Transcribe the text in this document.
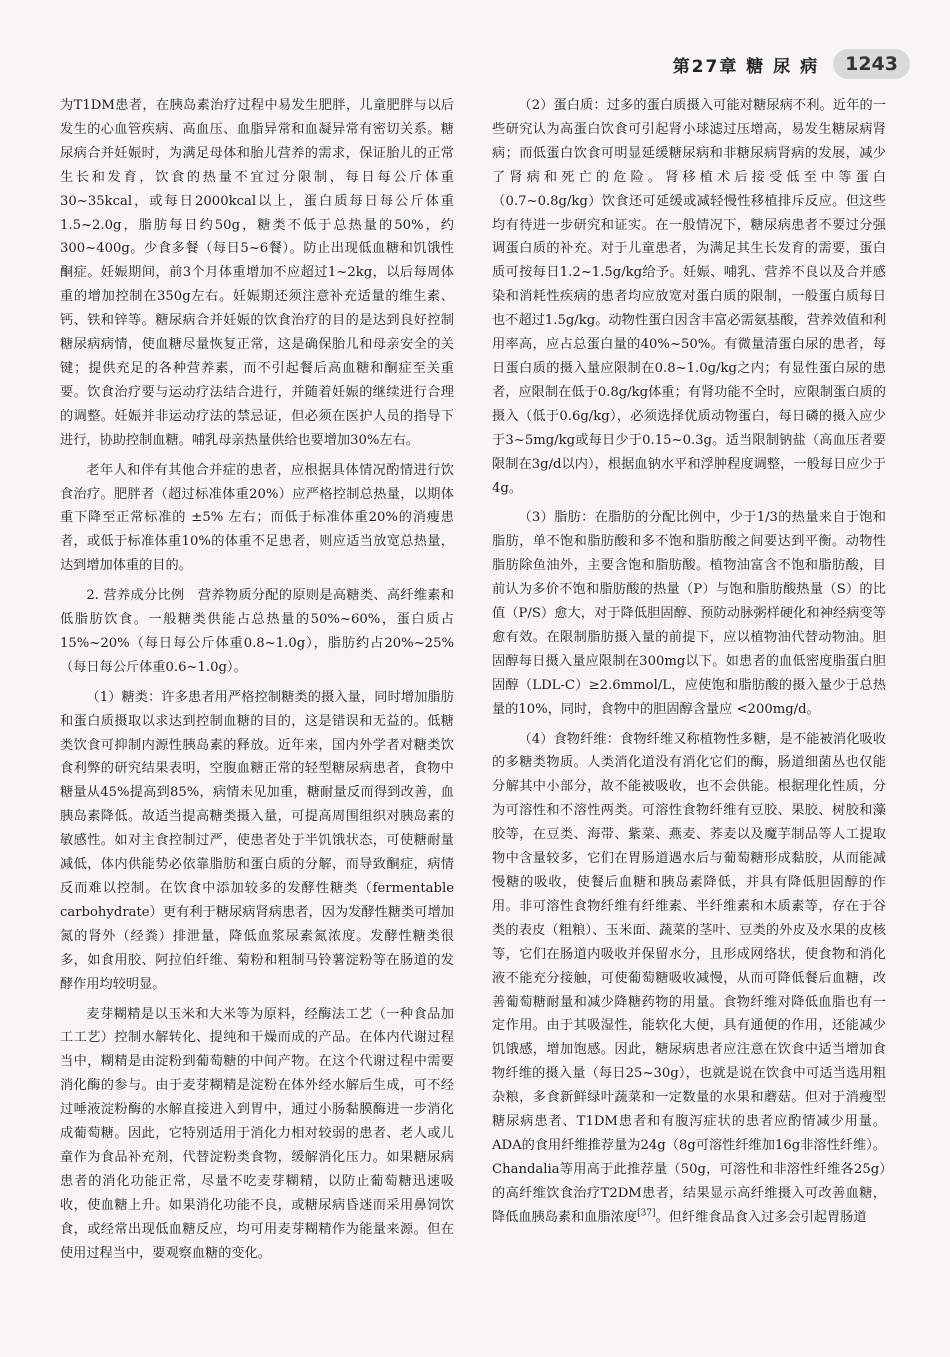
第27章 糖 尿 病	1243

为T1DM患者，在胰岛素治疗过程中易发生肥胖，儿童肥胖与以后发生的心血管疾病、高血压、血脂异常和血凝异常有密切关系。糖尿病合并妊娠时，为满足母体和胎儿营养的需求，保证胎儿的正常生长和发育，饮食的热量不宜过分限制，每日每公斤体重30~35kcal，或每日2000kcal以上，蛋白质每日每公斤体重1.5~2.0g，脂肪每日约50g，糖类不低于总热量的50%，约300~400g。少食多餐（每日5~6餐）。防止出现低血糖和饥饿性酮症。妊娠期间，前3个月体重增加不应超过1~2kg，以后每周体重的增加控制在350g左右。妊娠期还须注意补充适量的维生素、钙、铁和锌等。糖尿病合并妊娠的饮食治疗的目的是达到良好控制糖尿病病情，使血糖尽量恢复正常，这是确保胎儿和母亲安全的关键；提供充足的各种营养素，而不引起餐后高血糖和酮症至关重要。饮食治疗要与运动疗法结合进行，并随着妊娠的继续进行合理的调整。妊娠并非运动疗法的禁忌证，但必须在医护人员的指导下进行，协助控制血糖。哺乳母亲热量供给也要增加30%左右。

老年人和伴有其他合并症的患者，应根据具体情况酌情进行饮食治疗。肥胖者（超过标准体重20%）应严格控制总热量，以期体重下降至正常标准的 ±5% 左右；而低于标准体重20%的消瘦患者，或低于标准体重10%的体重不足患者，则应适当放宽总热量，达到增加体重的目的。

2. 营养成分比例　营养物质分配的原则是高糖类、高纤维素和低脂肪饮食。一般糖类供能占总热量的50%~60%，蛋白质占15%~20%（每日每公斤体重0.8~1.0g），脂肪约占20%~25%（每日每公斤体重0.6~1.0g）。

（1）糖类：许多患者用严格控制糖类的摄入量，同时增加脂肪和蛋白质摄取以求达到控制血糖的目的，这是错误和无益的。低糖类饮食可抑制内源性胰岛素的释放。近年来，国内外学者对糖类饮食利弊的研究结果表明，空腹血糖正常的轻型糖尿病患者，食物中糖量从45%提高到85%，病情未见加重，糖耐量反而得到改善，血胰岛素降低。故适当提高糖类摄入量，可提高周围组织对胰岛素的敏感性。如对主食控制过严，使患者处于半饥饿状态，可使糖耐量减低，体内供能势必依靠脂肪和蛋白质的分解，而导致酮症，病情反而难以控制。在饮食中添加较多的发酵性糖类（fermentable carbohydrate）更有利于糖尿病肾病患者，因为发酵性糖类可增加氮的肾外（经粪）排泄量，降低血浆尿素氮浓度。发酵性糖类很多，如食用胶、阿拉伯纤维、菊粉和粗制马铃薯淀粉等在肠道的发酵作用均较明显。

麦芽糊精是以玉米和大米等为原料，经酶法工艺（一种食品加工工艺）控制水解转化、提纯和干燥而成的产品。在体内代谢过程当中，糊精是由淀粉到葡萄糖的中间产物。在这个代谢过程中需要消化酶的参与。由于麦芽糊精是淀粉在体外经水解后生成，可不经过唾液淀粉酶的水解直接进入到胃中，通过小肠黏膜酶进一步消化成葡萄糖。因此，它特别适用于消化力相对较弱的患者、老人或儿童作为食品补充剂，代替淀粉类食物，缓解消化压力。如果糖尿病患者的消化功能正常，尽量不吃麦芽糊精，以防止葡萄糖迅速吸收，使血糖上升。如果消化功能不良，或糖尿病昏迷而采用鼻饲饮食，或经常出现低血糖反应，均可用麦芽糊精作为能量来源。但在使用过程当中，要观察血糖的变化。

（2）蛋白质：过多的蛋白质摄入可能对糖尿病不利。近年的一些研究认为高蛋白饮食可引起肾小球滤过压增高，易发生糖尿病肾病；而低蛋白饮食可明显延缓糖尿病和非糖尿病肾病的发展，减少了肾病和死亡的危险。肾移植术后接受低至中等蛋白（0.7~0.8g/kg）饮食还可延缓或减轻慢性移植排斥反应。但这些均有待进一步研究和证实。在一般情况下，糖尿病患者不要过分强调蛋白质的补充。对于儿童患者，为满足其生长发育的需要，蛋白质可按每日1.2~1.5g/kg给予。妊娠、哺乳、营养不良以及合并感染和消耗性疾病的患者均应放宽对蛋白质的限制，一般蛋白质每日也不超过1.5g/kg。动物性蛋白因含丰富必需氨基酸，营养效值和利用率高，应占总蛋白量的40%~50%。有微量清蛋白尿的患者，每日蛋白质的摄入量应限制在0.8~1.0g/kg之内；有显性蛋白尿的患者，应限制在低于0.8g/kg体重；有肾功能不全时，应限制蛋白质的摄入（低于0.6g/kg），必须选择优质动物蛋白，每日磷的摄入应少于3~5mg/kg或每日少于0.15~0.3g。适当限制钠盐（高血压者要限制在3g/d以内），根据血钠水平和浮肿程度调整，一般每日应少于4g。

（3）脂肪：在脂肪的分配比例中，少于1/3的热量来自于饱和脂肪，单不饱和脂肪酸和多不饱和脂肪酸之间要达到平衡。动物性脂肪除鱼油外，主要含饱和脂肪酸。植物油富含不饱和脂肪酸，目前认为多价不饱和脂肪酸的热量（P）与饱和脂肪酸热量（S）的比值（P/S）愈大，对于降低胆固醇、预防动脉粥样硬化和神经病变等愈有效。在限制脂肪摄入量的前提下，应以植物油代替动物油。胆固醇每日摄入量应限制在300mg以下。如患者的血低密度脂蛋白胆固醇（LDL-C）≥2.6mmol/L，应使饱和脂肪酸的摄入量少于总热量的10%，同时，食物中的胆固醇含量应 <200mg/d。

（4）食物纤维：食物纤维又称植物性多糖，是不能被消化吸收的多糖类物质。人类消化道没有消化它们的酶，肠道细菌丛也仅能分解其中小部分，故不能被吸收，也不会供能。根据理化性质，分为可溶性和不溶性两类。可溶性食物纤维有豆胶、果胶、树胶和藻胶等，在豆类、海带、紫菜、燕麦、荞麦以及魔芋制品等人工提取物中含量较多，它们在胃肠道遇水后与葡萄糖形成黏胶，从而能减慢糖的吸收，使餐后血糖和胰岛素降低，并具有降低胆固醇的作用。非可溶性食物纤维有纤维素、半纤维素和木质素等，存在于谷类的表皮（粗粮）、玉米面、蔬菜的茎叶、豆类的外皮及水果的皮核等，它们在肠道内吸收并保留水分，且形成网络状，使食物和消化液不能充分接触，可使葡萄糖吸收减慢，从而可降低餐后血糖，改善葡萄糖耐量和减少降糖药物的用量。食物纤维对降低血脂也有一定作用。由于其吸湿性，能软化大便，具有通便的作用，还能减少饥饿感，增加饱感。因此，糖尿病患者应注意在饮食中适当增加食物纤维的摄入量（每日25~30g），也就是说在饮食中可适当选用粗杂粮，多食新鲜绿叶蔬菜和一定数量的水果和蘑菇。但对于消瘦型糖尿病患者、T1DM患者和有腹泻症状的患者应酌情减少用量。ADA的食用纤维推荐量为24g（8g可溶性纤维加16g非溶性纤维）。Chandalia等用高于此推荐量（50g，可溶性和非溶性纤维各25g）的高纤维饮食治疗T2DM患者，结果显示高纤维摄入可改善血糖，降低血胰岛素和血脂浓度[37]。但纤维食品食入过多会引起胃肠道
